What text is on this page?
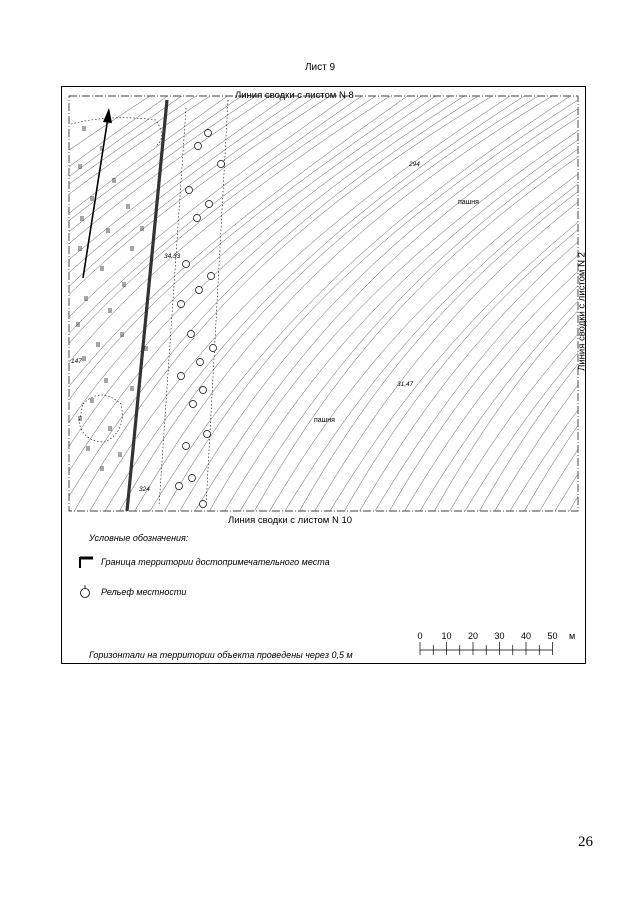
Лист 9
пашня
пашня
294
34,33
31,47
324
147
Линия сводки с листом N 8
Линия сводки с листом N 10
Линия сводки с листом N 2
Условные обозначения:
Граница территории достопримечательного места
Рельеф местности
Горизонтали на территории объекта проведены через 0,5 м
0 10 20 30 40 50 м
26
